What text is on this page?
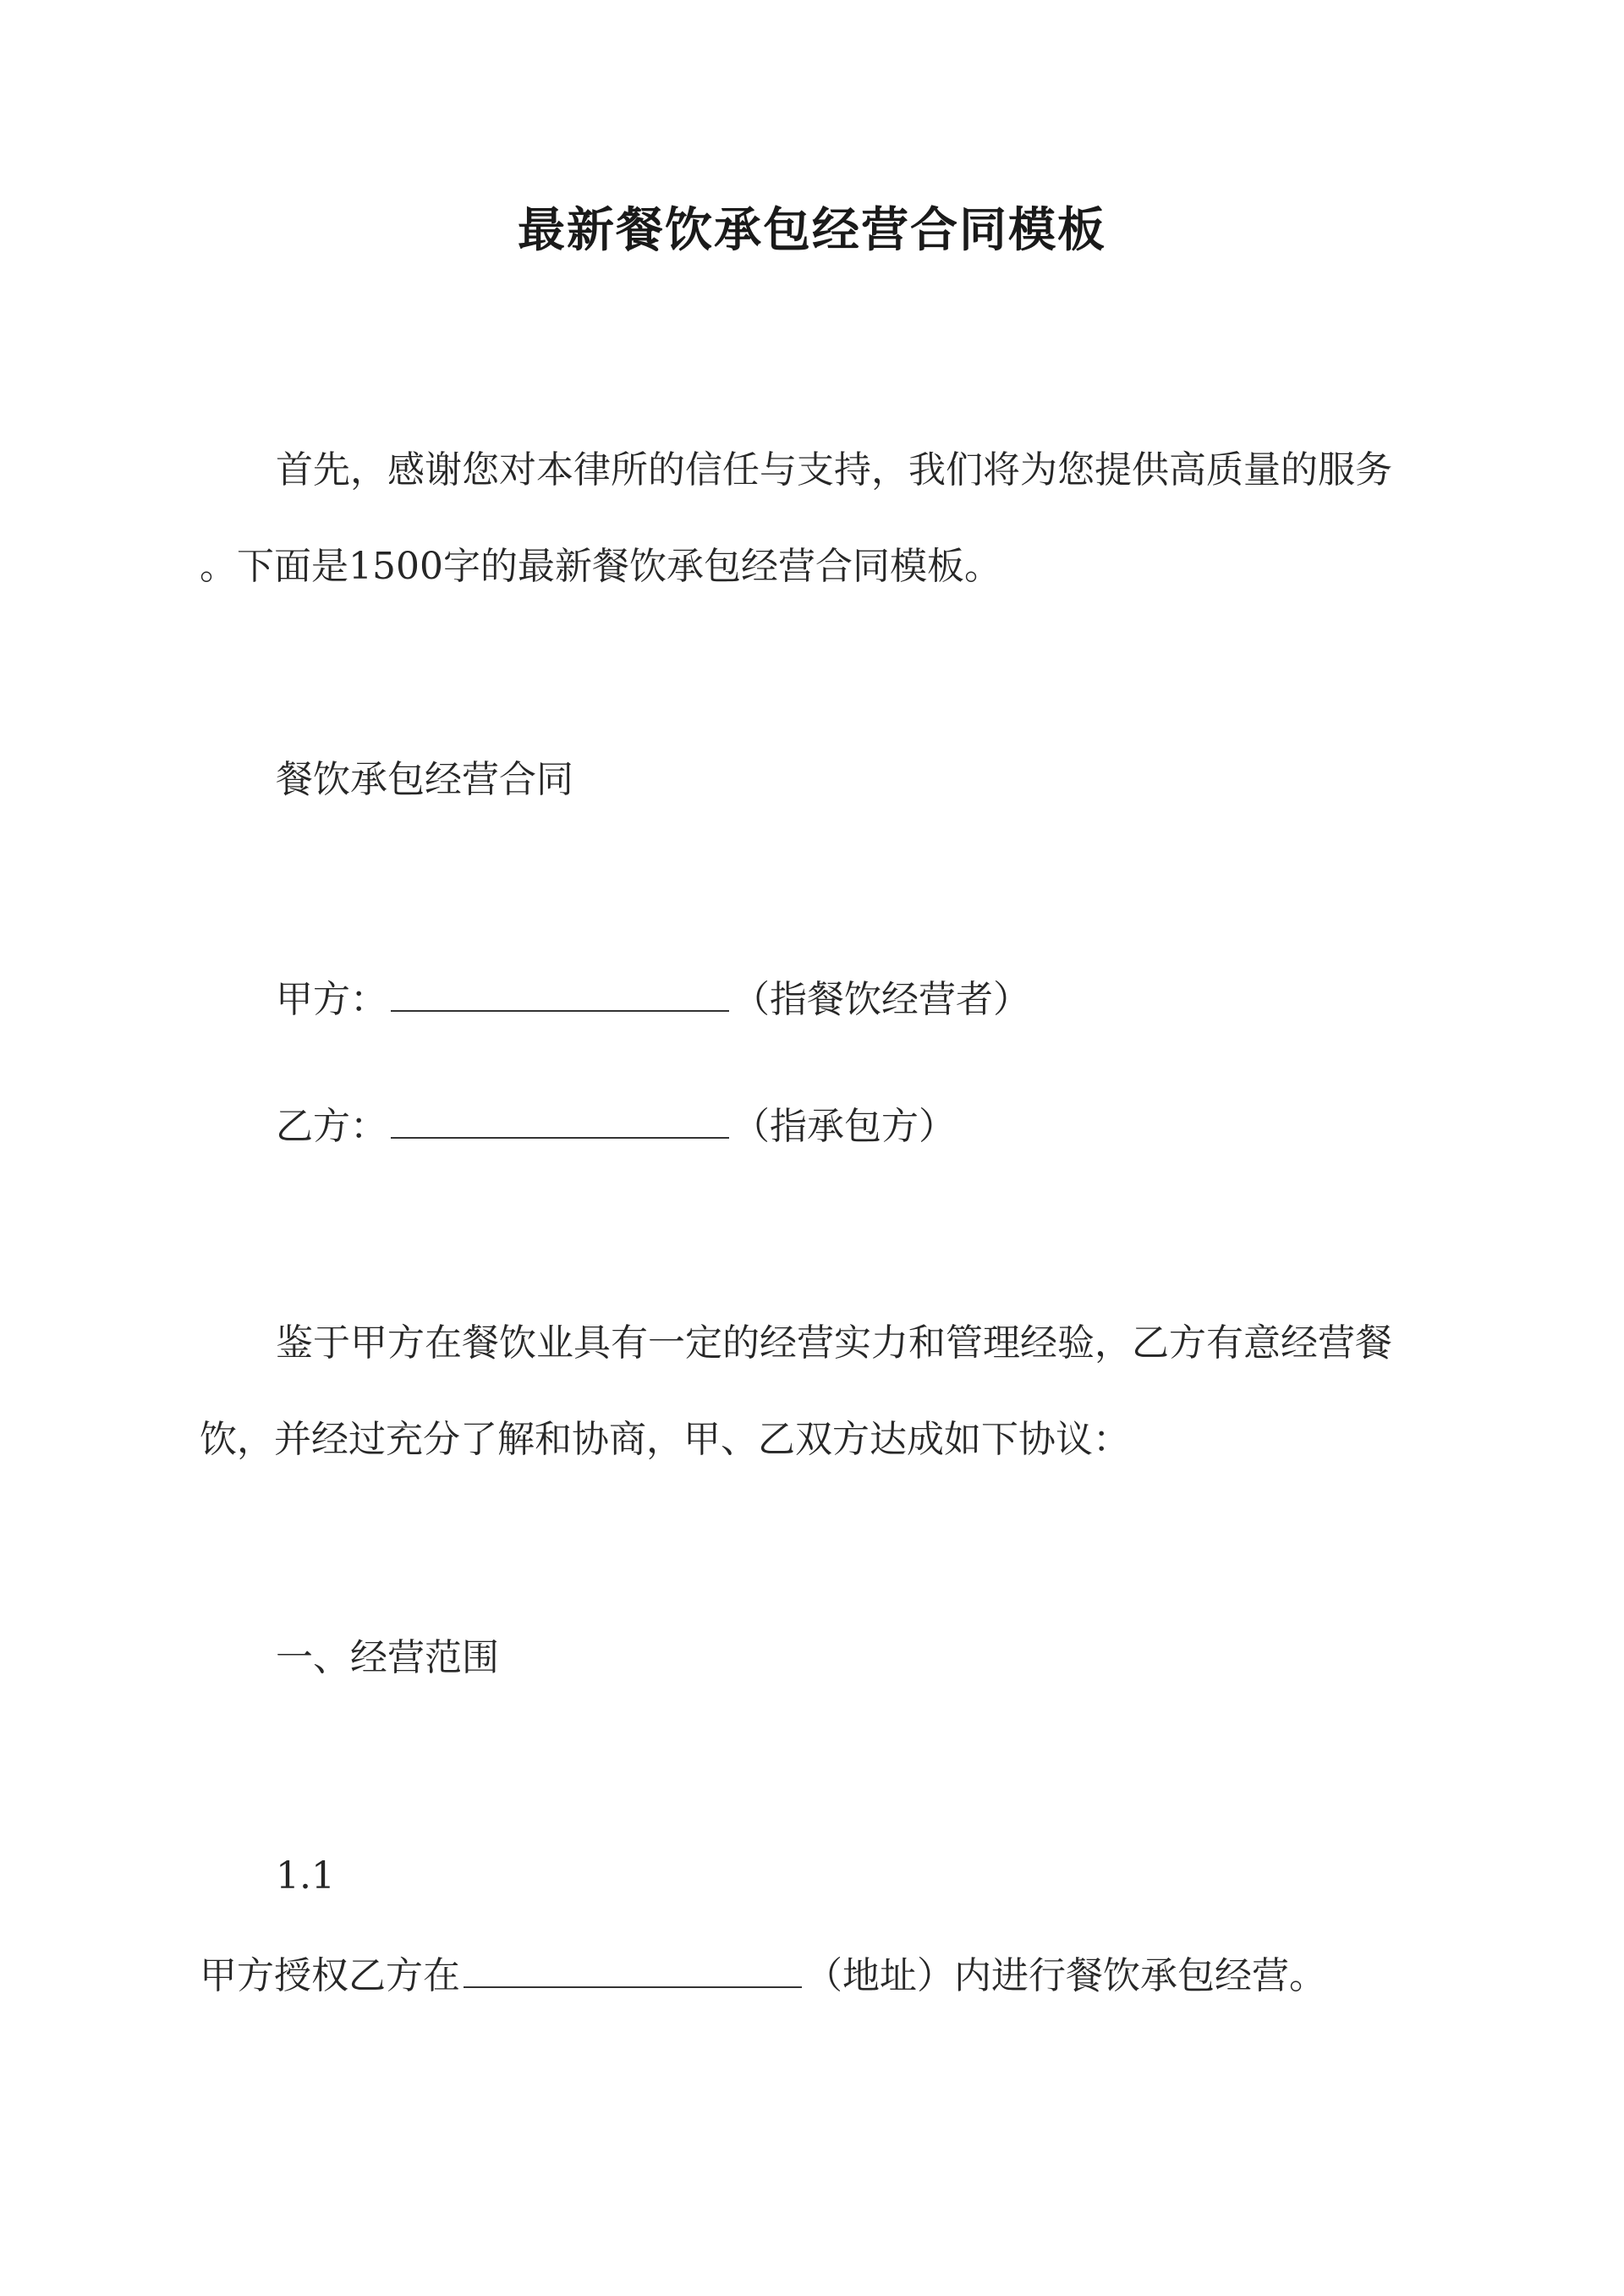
最新餐饮承包经营合同模板
首先，感谢您对本律所的信任与支持，我们将为您提供高质量的服务
。下面是1500字的最新餐饮承包经营合同模板。
餐饮承包经营合同
甲方：	（指餐饮经营者）
乙方：	（指承包方）
鉴于甲方在餐饮业具有一定的经营实力和管理经验，乙方有意经营餐
饮，并经过充分了解和协商，甲、乙双方达成如下协议：
一、经营范围
1.1
甲方授权乙方在	（地址）内进行餐饮承包经营。
